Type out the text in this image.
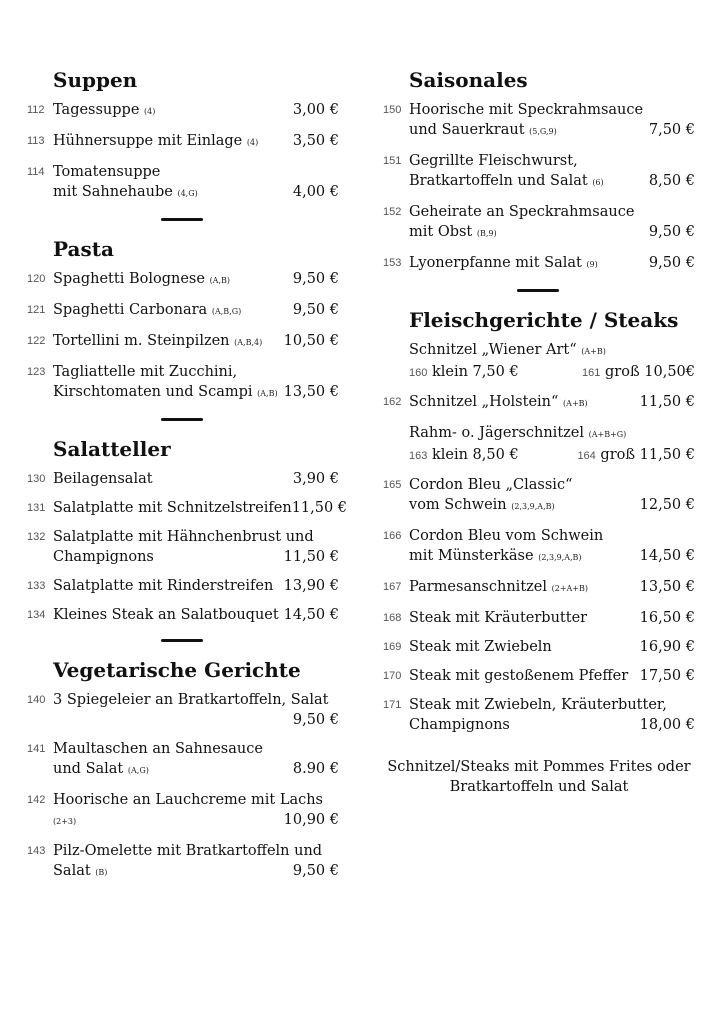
Suppen
112 Tagessuppe (4)	3,00 €
113 Hühnersuppe mit Einlage (4) 3,50 €
114 Tomatensuppe
mit Sahnehaube (4,G)	4,00 €
Pasta
120 Spaghetti Bolognese (A,B)	9,50 €
121 Spaghetti Carbonara (A,B,G)	9,50 €
122 Tortellini m. Steinpilzen (A,B,4) 10,50 €
123 Tagliattelle mit Zucchini,
Kirschtomaten und Scampi (A,B) 13,50 €
Salatteller
130 Beilagensalat	3,90 €
131 Salatplatte mit Schnitzelstreifen 11,50 €
132 Salatplatte mit Hähnchenbrust und
Champignons	11,50 €
133 Salatplatte mit Rinderstreifen 13,90 €
134 Kleines Steak an Salatbouquet 14,50 €
Vegetarische Gerichte
140 3 Spiegeleier an Bratkartoffeln, Salat
9,50 €
141 Maultaschen an Sahnesauce
und Salat (A,G)	8.90 €
142 Hoorische an Lauchcreme mit Lachs
(2+3)	10,90 €
143 Pilz-Omelette mit Bratkartoffeln und
Salat (B)	9,50 €
Saisonales
150 Hoorische mit Speckrahmsauce
und Sauerkraut (5,G,9)	7,50 €
151 Gegrillte Fleischwurst,
Bratkartoffeln und Salat (6)	8,50 €
152 Geheirate an Speckrahmsauce
mit Obst (B,9)	9,50 €
153 Lyonerpfanne mit Salat (9)	9,50 €
Fleischgerichte / Steaks
Schnitzel „Wiener Art“ (A+B)
160 klein 7,50 €	161 groß 10,50€
162 Schnitzel „Holstein“ (A+B)	11,50 €
Rahm- o. Jägerschnitzel (A+B+G)
163 klein 8,50 €	164 groß 11,50 €
165 Cordon Bleu „Classic“
vom Schwein (2,3,9,A,B)	12,50 €
166 Cordon Bleu vom Schwein
mit Münsterkäse (2,3,9,A,B)	14,50 €
167 Parmesanschnitzel (2+A+B)	13,50 €
168 Steak mit Kräuterbutter	16,50 €
169 Steak mit Zwiebeln	16,90 €
170 Steak mit gestoßenem Pfeffer 17,50 €
171 Steak mit Zwiebeln, Kräuterbutter,
Champignons	18,00 €
Schnitzel/Steaks mit Pommes Frites oder Bratkartoffeln und Salat
